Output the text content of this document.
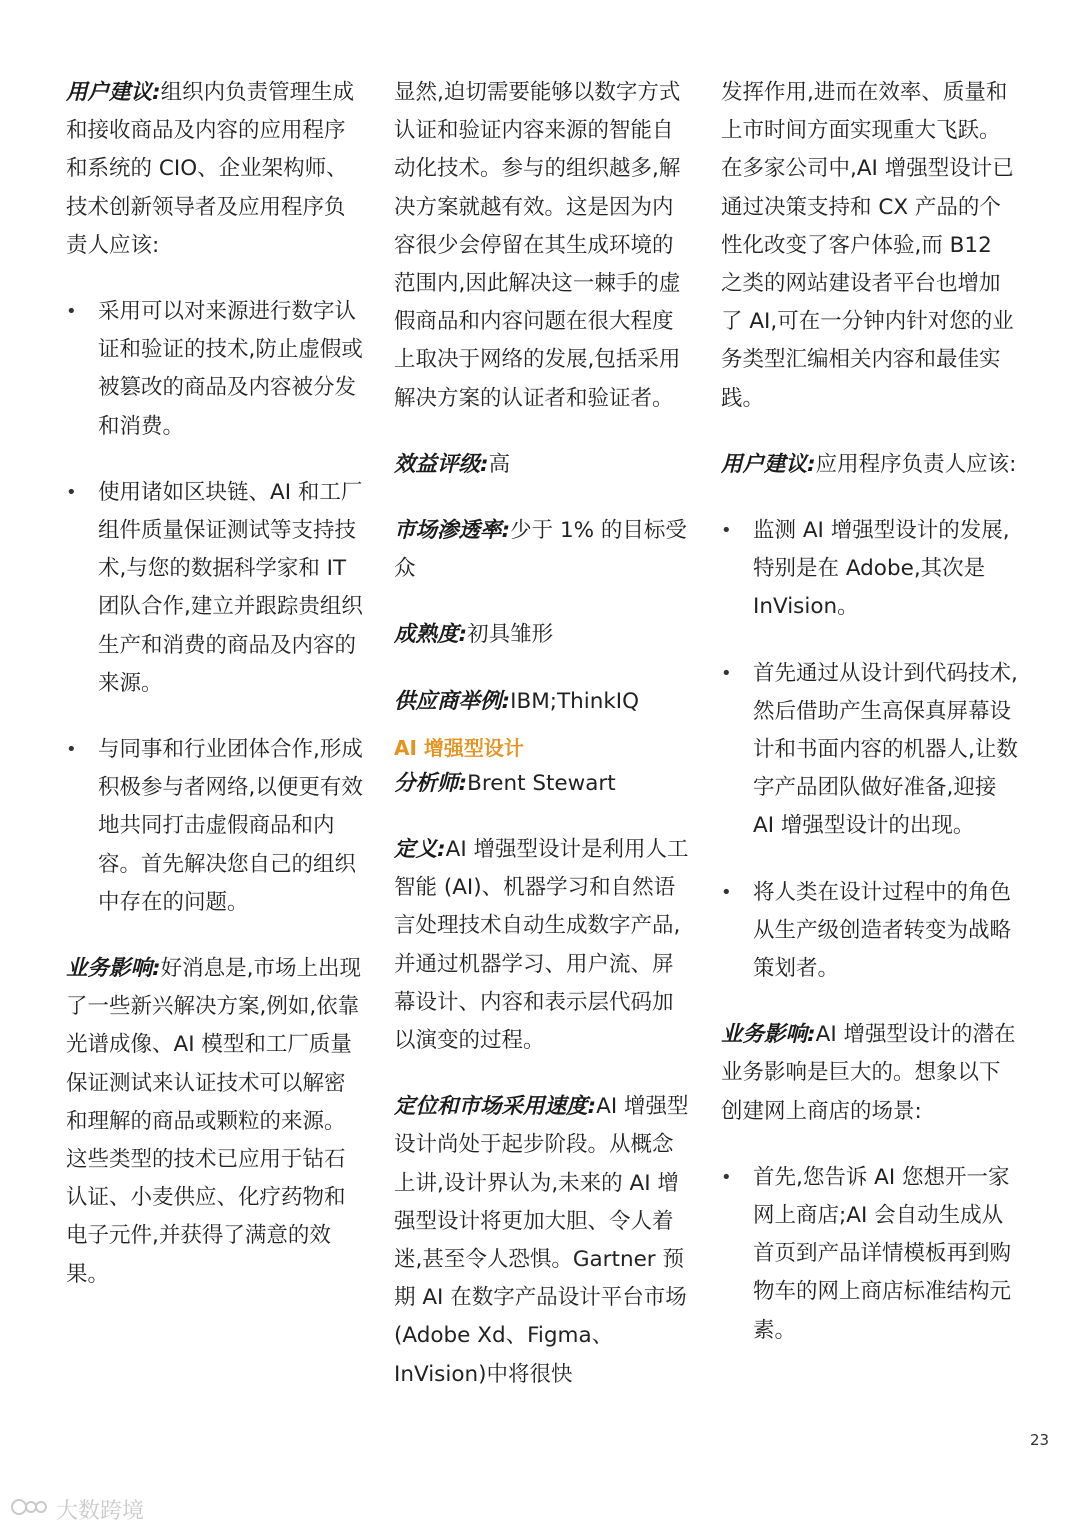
用户建议:组织内负责管理生成和接收商品及内容的应用程序和系统的 CIO、企业架构师、技术创新领导者及应用程序负责人应该:

• 采用可以对来源进行数字认证和验证的技术,防止虚假或被篡改的商品及内容被分发和消费。
• 使用诸如区块链、AI 和工厂组件质量保证测试等支持技术,与您的数据科学家和 IT 团队合作,建立并跟踪贵组织生产和消费的商品及内容的来源。
• 与同事和行业团体合作,形成积极参与者网络,以便更有效地共同打击虚假商品和内容。首先解决您自己的组织中存在的问题。

业务影响:好消息是,市场上出现了一些新兴解决方案,例如,依靠光谱成像、AI 模型和工厂质量保证测试来认证技术可以解密和理解的商品或颗粒的来源。这些类型的技术已应用于钻石认证、小麦供应、化疗药物和电子元件,并获得了满意的效果。

显然,迫切需要能够以数字方式认证和验证内容来源的智能自动化技术。参与的组织越多,解决方案就越有效。这是因为内容很少会停留在其生成环境的范围内,因此解决这一棘手的虚假商品和内容问题在很大程度上取决于网络的发展,包括采用解决方案的认证者和验证者。

效益评级:高

市场渗透率:少于 1% 的目标受众

成熟度:初具雏形

供应商举例:IBM;ThinkIQ

AI 增强型设计

分析师:Brent Stewart

定义:AI 增强型设计是利用人工智能 (AI)、机器学习和自然语言处理技术自动生成数字产品,并通过机器学习、用户流、屏幕设计、内容和表示层代码加以演变的过程。

定位和市场采用速度:AI 增强型设计尚处于起步阶段。从概念上讲,设计界认为,未来的 AI 增强型设计将更加大胆、令人着迷,甚至令人恐惧。Gartner 预期 AI 在数字产品设计平台市场(Adobe Xd、Figma、InVision)中将很快

发挥作用,进而在效率、质量和上市时间方面实现重大飞跃。在多家公司中,AI 增强型设计已通过决策支持和 CX 产品的个性化改变了客户体验,而 B12 之类的网站建设者平台也增加了 AI,可在一分钟内针对您的业务类型汇编相关内容和最佳实践。

用户建议:应用程序负责人应该:

• 监测 AI 增强型设计的发展,特别是在 Adobe,其次是 InVision。
• 首先通过从设计到代码技术,然后借助产生高保真屏幕设计和书面内容的机器人,让数字产品团队做好准备,迎接 AI 增强型设计的出现。
• 将人类在设计过程中的角色从生产级创造者转变为战略策划者。

业务影响:AI 增强型设计的潜在业务影响是巨大的。想象以下创建网上商店的场景:

• 首先,您告诉 AI 您想开一家网上商店;AI 会自动生成从首页到产品详情模板再到购物车的网上商店标准结构元素。
23
大数跨境
